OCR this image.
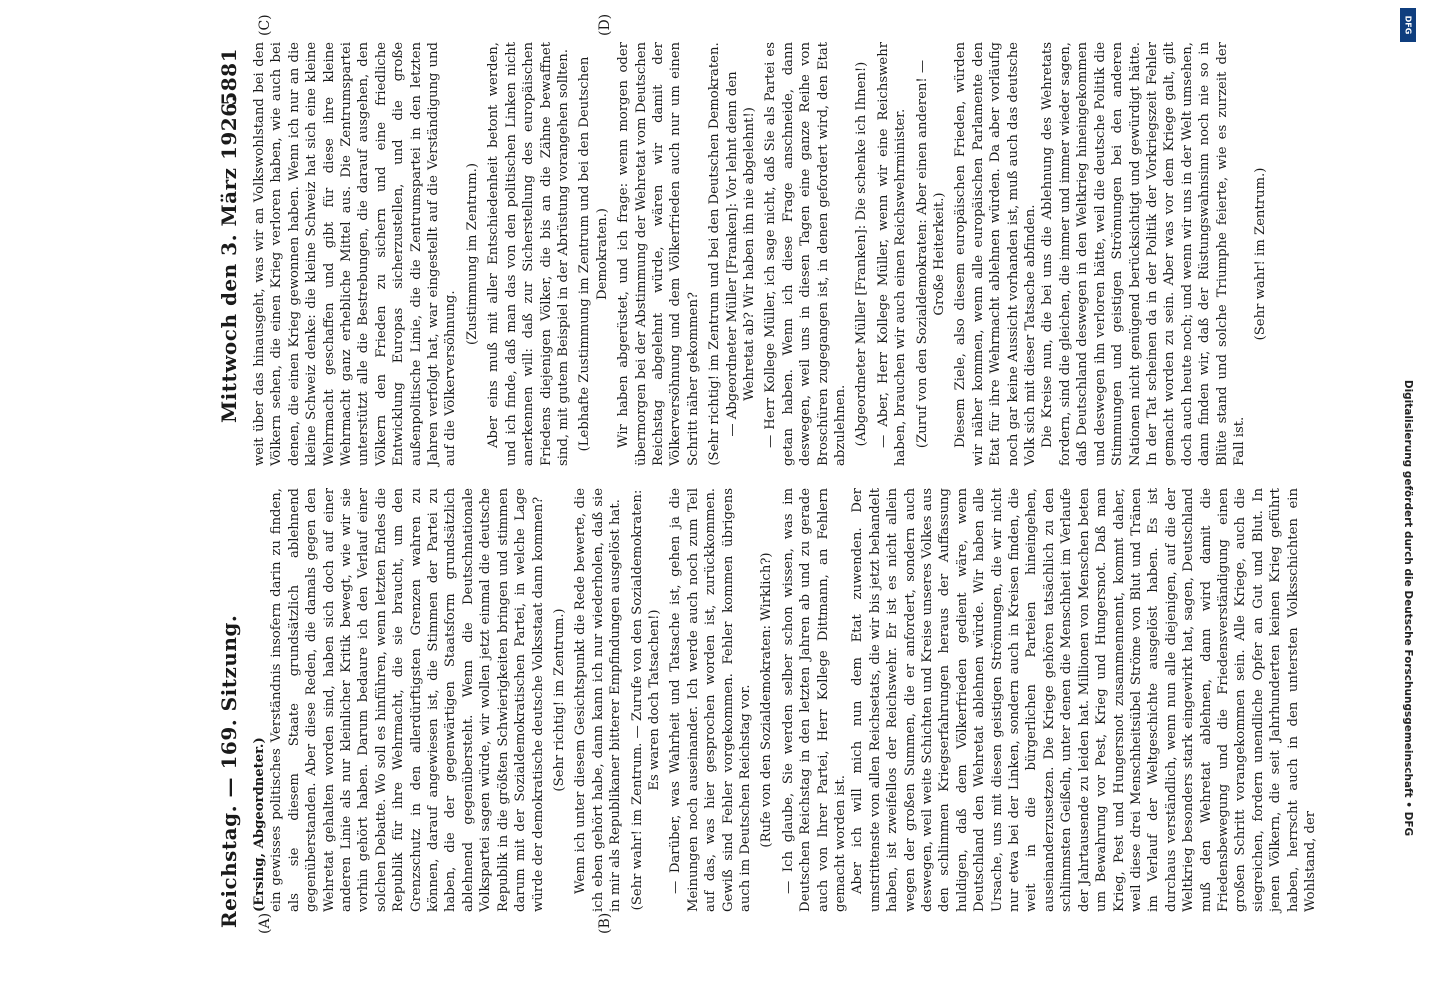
Reichstag. — 169. Sitzung.
Mittwoch den 3. März 1926.
5881
(A)	(B)
(C)	(D)

(Ersing, Abgeordneter.) ein gewisses politisches Verständnis insofern darin zu finden, als sie diesem Staate grundsätzlich ablehnend gegenüberstanden. Aber diese Reden, die damals gegen den Wehretat gehalten worden sind, haben sich doch auf einer anderen Linie als nur kleinlicher Kritik bewegt, wie wir sie vorhin gehört haben. Darum bedaure ich den Verlauf einer solchen Debatte. Wo soll es hinführen, wenn letzten Endes die Republik für ihre Wehrmacht, die sie braucht, um den Grenzschutz in den allerdürftigsten Grenzen wahren zu können, darauf angewiesen ist, die Stimmen der Partei zu haben, die der gegenwärtigen Staatsform grundsätzlich ablehnend gegenübersteht. Wenn die Deutschnationale Volkspartei sagen würde, wir wollen jetzt einmal die deutsche Republik in die größten Schwierigkeiten bringen und stimmen darum mit der Sozialdemokratischen Partei, in welche Lage würde der demokratische deutsche Volksstaat dann kommen? (Sehr richtig! im Zentrum.) Wenn ich unter diesem Gesichtspunkt die Rede bewerte, die ich eben gehört habe, dann kann ich nur wiederholen, daß sie in mir als Republikaner bitterer Empfindungen ausgelöst hat. (Sehr wahr! im Zentrum. — Zurufe von den Sozialdemokraten: Es waren doch Tatsachen!) — Darüber, was Wahrheit und Tatsache ist, gehen ja die Meinungen noch auseinander. Ich werde auch noch zum Teil auf das, was hier gesprochen worden ist, zurückkommen. Gewiß sind Fehler vorgekommen. Fehler kommen übrigens auch im Deutschen Reichstag vor. (Rufe von den Sozialdemokraten: Wirklich?) — Ich glaube, Sie werden selber schon wissen, was im Deutschen Reichstag in den letzten Jahren ab und zu gerade auch von Ihrer Partei, Herr Kollege Dittmann, an Fehlern gemacht worden ist. Aber ich will mich nun dem Etat zuwenden. Der umstrittenste von allen Reichsetats, die wir bis jetzt behandelt haben, ist zweifellos der Reichswehr. Er ist es nicht allein wegen der großen Summen, die er anfordert, sondern auch deswegen, weil weite Schichten und Kreise unseres Volkes aus den schlimmen Kriegserfahrungen heraus der Auffassung huldigen, daß dem Völkerfrieden gedient wäre, wenn Deutschland den Wehretat ablehnen würde. Wir haben alle Ursache, uns mit diesen geistigen Strömungen, die wir nicht nur etwa bei der Linken, sondern auch in Kreisen finden, die weit in die bürgerlichen Parteien hineingehen, auseinanderzusetzen. Die Kriege gehören tatsächlich zu den schlimmsten Geißeln, unter denen die Menschheit im Verlaufe der Jahrtausende zu leiden hat. Millionen von Menschen beten um Bewahrung vor Pest, Krieg und Hungersnot. Daß man Krieg, Pest und Hungersnot zusammennennt, kommt daher, weil diese drei Menschheitsübel Ströme von Blut und Tränen im Verlauf der Weltgeschichte ausgelöst haben. Es ist durchaus verständlich, wenn nun alle diejenigen, auf die der Weltkrieg besonders stark eingewirkt hat, sagen, Deutschland muß den Wehretat ablehnen, dann wird damit die Friedensbewegung und die Friedensverständigung einen großen Schritt vorangekommen sein. Alle Kriege, auch die siegreichen, fordern unendliche Opfer an Gut und Blut. In jenen Völkern, die seit Jahrhunderten keinen Krieg geführt haben, herrscht auch in den untersten Volksschichten ein Wohlstand, der

weit über das hinausgeht, was wir an Volkswohlstand bei den Völkern sehen, die einen Krieg verloren haben, wie auch bei denen, die einen Krieg gewonnen haben. Wenn ich nur an die kleine Schweiz denke: die kleine Schweiz hat sich eine kleine Wehrmacht geschaffen und gibt für diese ihre kleine Wehrmacht ganz erhebliche Mittel aus. Die Zentrumspartei unterstützt alle die Bestrebungen, die darauf ausgehen, den Völkern den Frieden zu sichern und eine friedliche Entwicklung Europas sicherzustellen, und die große außenpolitische Linie, die die Zentrumspartei in den letzten Jahren verfolgt hat, war eingestellt auf die Verständigung und auf die Völkerversöhnung.

(Zustimmung im Zentrum.) Aber eins muß mit aller Entschiedenheit betont werden, und ich finde, daß man das von den politischen Linken nicht anerkennen will: daß zur Sicherstellung des europäischen Friedens diejenigen Völker, die bis an die Zähne bewaffnet sind, mit gutem Beispiel in der Abrüstung vorangehen sollten. (Lebhafte Zustimmung im Zentrum und bei den Deutschen Demokraten.) Wir haben abgerüstet, und ich frage: wenn morgen oder übermorgen bei der Abstimmung der Wehretat vom Deutschen Reichstag abgelehnt würde, wären wir damit der Völkerversöhnung und dem Völkerfrieden auch nur um einen Schritt näher gekommen? (Sehr richtig! im Zentrum und bei den Deutschen Demokraten. — Abgeordneter Müller [Franken]: Vor lehnt denn den Wehretat ab? Wir haben ihn nie abgelehnt!) — Herr Kollege Müller, ich sage nicht, daß Sie als Partei es getan haben. Wenn ich diese Frage anschneide, dann deswegen, weil uns in diesen Tagen eine ganze Reihe von Broschüren zugegangen ist, in denen gefordert wird, den Etat abzulehnen. (Abgeordneter Müller [Franken]: Die schenke ich Ihnen!) — Aber, Herr Kollege Müller, wenn wir eine Reichswehr haben, brauchen wir auch einen Reichswehrminister. (Zuruf von den Sozialdemokraten: Aber einen anderen! — Große Heiterkeit.) Diesem Ziele, also diesem europäischen Frieden, würden wir näher kommen, wenn alle europäischen Parlamente den Etat für ihre Wehrmacht ablehnen würden. Da aber vorläufig noch gar keine Aussicht vorhanden ist, muß auch das deutsche Volk sich mit dieser Tatsache abfinden. Die Kreise nun, die bei uns die Ablehnung des Wehretats fordern, sind die gleichen, die immer und immer wieder sagen, daß Deutschland deswegen in den Weltkrieg hineingekommen und deswegen ihn verloren hätte, weil die deutsche Politik die Stimmungen und geistigen Strömungen bei den anderen Nationen nicht genügend berücksichtigt und gewürdigt hätte. In der Tat scheinen da in der Politik der Vorkriegszeit Fehler gemacht worden zu sein. Aber was vor dem Kriege galt, gilt doch auch heute noch; und wenn wir uns in der Welt umsehen, dann finden wir, daß der Rüstungswahnsinn noch nie so in Blüte stand und solche Triumphe feierte, wie es zurzeit der Fall ist.

(Sehr wahr! im Zentrum.)

DFG
Digitalisierung gefördert durch die Deutsche Forschungsgemeinschaft • DFG
